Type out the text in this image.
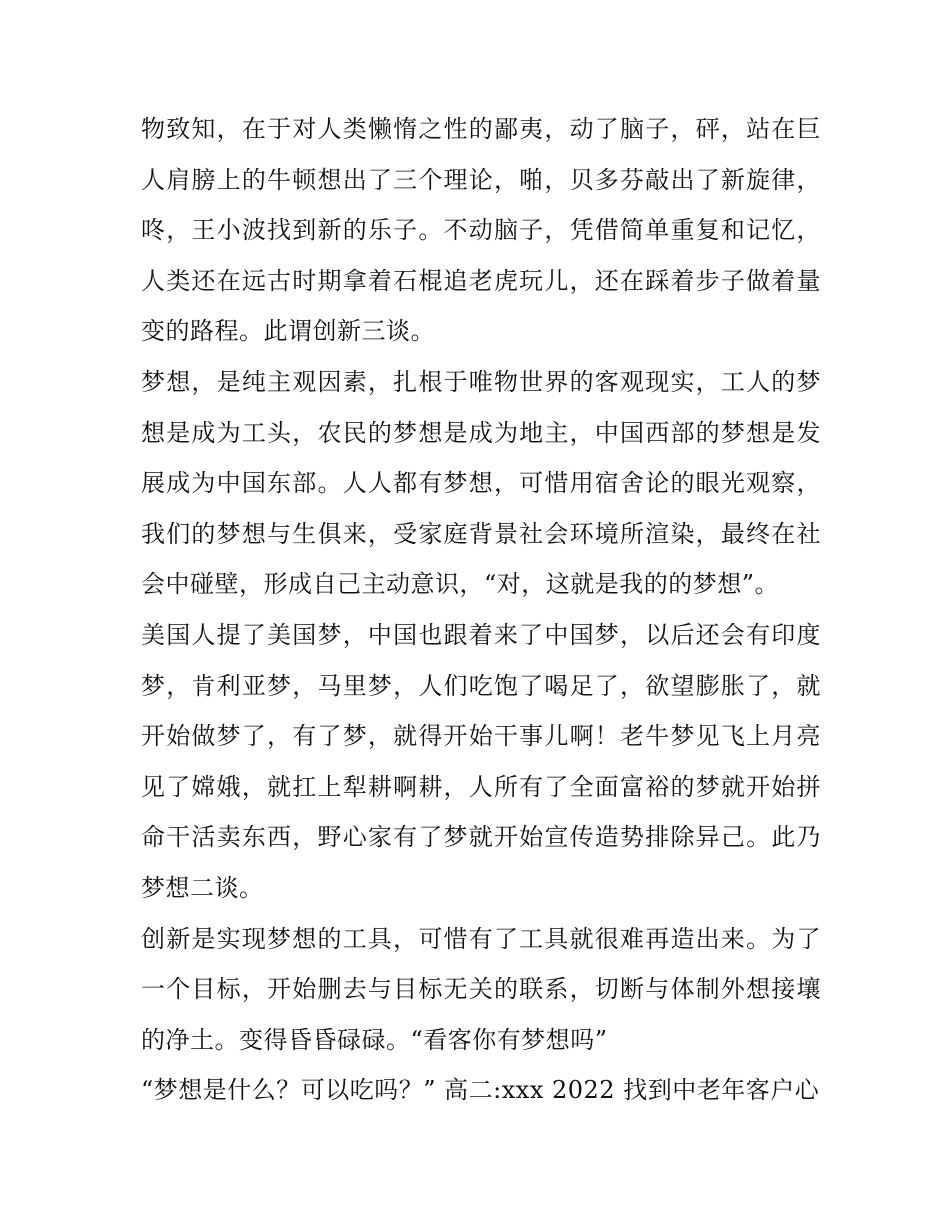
物致知，在于对人类懒惰之性的鄙夷，动了脑子，砰，站在巨
人肩膀上的牛顿想出了三个理论，啪，贝多芬敲出了新旋律，
咚，王小波找到新的乐子。不动脑子，凭借简单重复和记忆，
人类还在远古时期拿着石棍追老虎玩儿，还在踩着步子做着量
变的路程。此谓创新三谈。
梦想，是纯主观因素，扎根于唯物世界的客观现实，工人的梦
想是成为工头，农民的梦想是成为地主，中国西部的梦想是发
展成为中国东部。人人都有梦想，可惜用宿舍论的眼光观察，
我们的梦想与生俱来，受家庭背景社会环境所渲染，最终在社
会中碰壁，形成自己主动意识，“对，这就是我的的梦想”。
美国人提了美国梦，中国也跟着来了中国梦，以后还会有印度
梦，肯利亚梦，马里梦，人们吃饱了喝足了，欲望膨胀了，就
开始做梦了，有了梦，就得开始干事儿啊！老牛梦见飞上月亮
见了嫦娥，就扛上犁耕啊耕，人所有了全面富裕的梦就开始拼
命干活卖东西，野心家有了梦就开始宣传造势排除异己。此乃
梦想二谈。
创新是实现梦想的工具，可惜有了工具就很难再造出来。为了
一个目标，开始删去与目标无关的联系，切断与体制外想接壤
的净土。变得昏昏碌碌。“看客你有梦想吗”
“梦想是什么？可以吃吗？” 高二:xxx 2022 找到中老年客户心
